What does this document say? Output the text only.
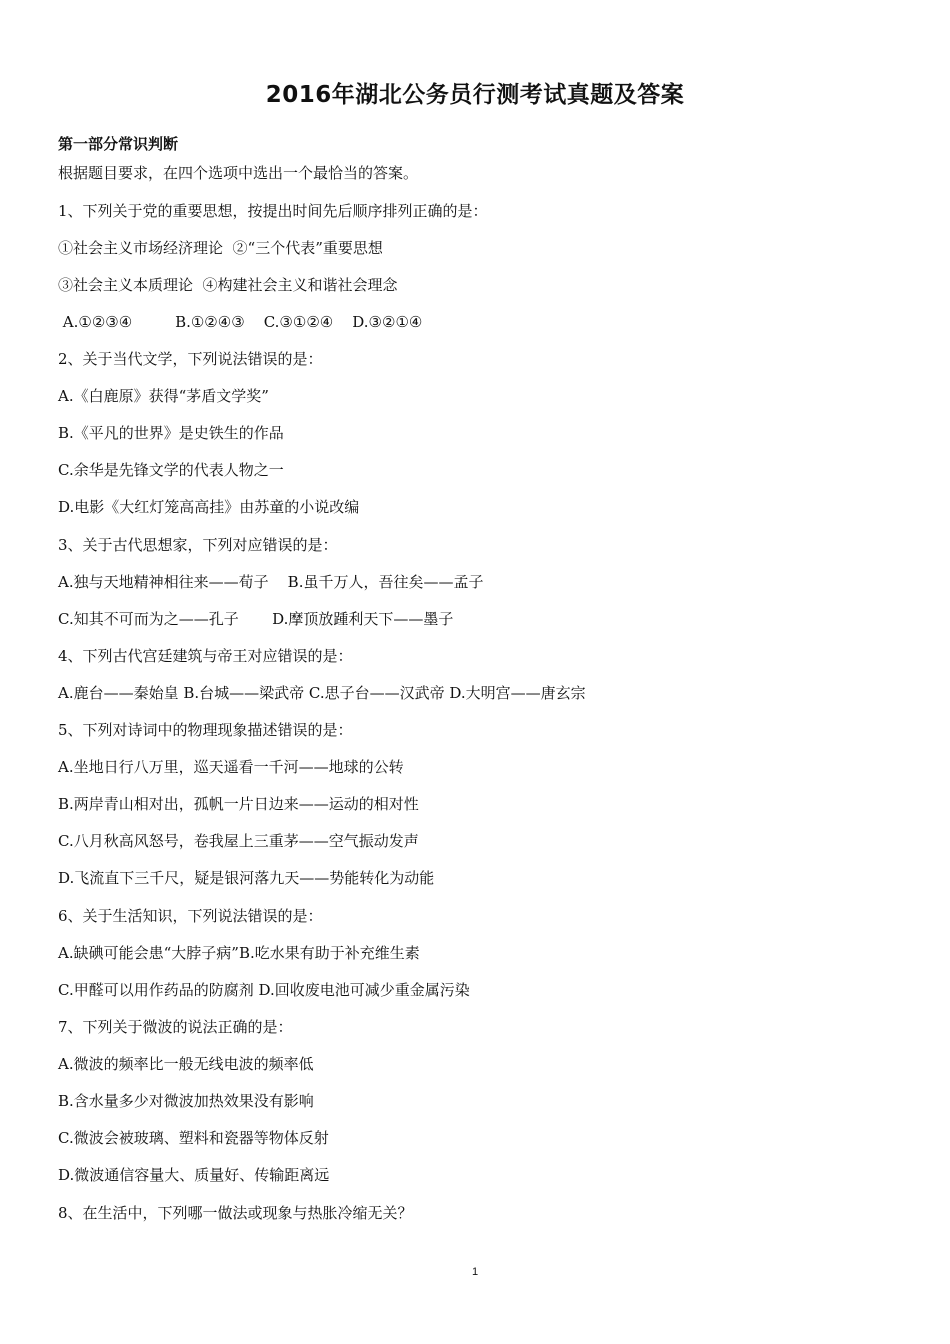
2016年湖北公务员行测考试真题及答案
第一部分常识判断
根据题目要求，在四个选项中选出一个最恰当的答案。
1、下列关于党的重要思想，按提出时间先后顺序排列正确的是：
①社会主义市场经济理论  ②“三个代表”重要思想
③社会主义本质理论  ④构建社会主义和谐社会理念
A.①②③④         B.①②④③    C.③①②④    D.③②①④
2、关于当代文学，下列说法错误的是：
A.《白鹿原》获得“茅盾文学奖”
B.《平凡的世界》是史铁生的作品
C.余华是先锋文学的代表人物之一
D.电影《大红灯笼高高挂》由苏童的小说改编
3、关于古代思想家，下列对应错误的是：
A.独与天地精神相往来——荀子    B.虽千万人，吾往矣——孟子
C.知其不可而为之——孔子       D.摩顶放踵利天下——墨子
4、下列古代宫廷建筑与帝王对应错误的是：
A.鹿台——秦始皇 B.台城——梁武帝 C.思子台——汉武帝 D.大明宫——唐玄宗
5、下列对诗词中的物理现象描述错误的是：
A.坐地日行八万里，巡天遥看一千河——地球的公转
B.两岸青山相对出，孤帆一片日边来——运动的相对性
C.八月秋高风怒号，卷我屋上三重茅——空气振动发声
D.飞流直下三千尺，疑是银河落九天——势能转化为动能
6、关于生活知识，下列说法错误的是：
A.缺碘可能会患“大脖子病”B.吃水果有助于补充维生素
C.甲醛可以用作药品的防腐剂 D.回收废电池可减少重金属污染
7、下列关于微波的说法正确的是：
A.微波的频率比一般无线电波的频率低
B.含水量多少对微波加热效果没有影响
C.微波会被玻璃、塑料和瓷器等物体反射
D.微波通信容量大、质量好、传输距离远
8、在生活中，下列哪一做法或现象与热胀冷缩无关？
1
